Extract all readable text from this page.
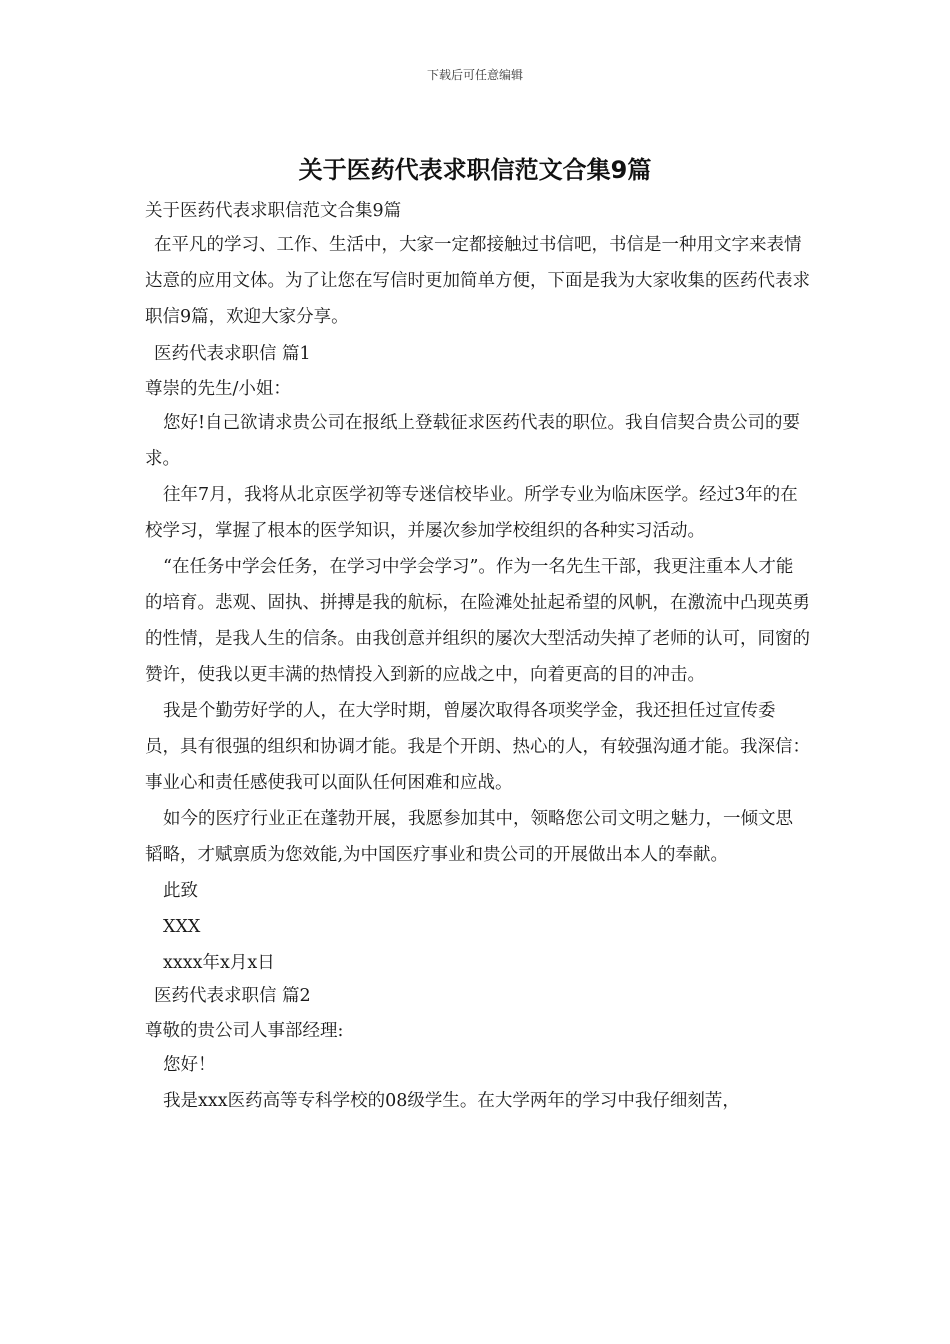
下载后可任意编辑
关于医药代表求职信范文合集9篇
关于医药代表求职信范文合集9篇

在平凡的学习、工作、生活中，大家一定都接触过书信吧，书信是一种用文字来表情达意的应用文体。为了让您在写信时更加简单方便，下面是我为大家收集的医药代表求职信9篇，欢迎大家分享。

医药代表求职信 篇1
尊崇的先生/小姐：

您好!自己欲请求贵公司在报纸上登载征求医药代表的职位。我自信契合贵公司的要求。

往年7月，我将从北京医学初等专迷信校毕业。所学专业为临床医学。经过3年的在校学习，掌握了根本的医学知识，并屡次参加学校组织的各种实习活动。

“在任务中学会任务，在学习中学会学习”。作为一名先生干部，我更注重本人才能的培育。悲观、固执、拼搏是我的航标，在险滩处扯起希望的风帆，在激流中凸现英勇的性情，是我人生的信条。由我创意并组织的屡次大型活动失掉了老师的认可，同窗的赞许，使我以更丰满的热情投入到新的应战之中，向着更高的目的冲击。

我是个勤劳好学的人，在大学时期，曾屡次取得各项奖学金，我还担任过宣传委员，具有很强的组织和协调才能。我是个开朗、热心的人，有较强沟通才能。我深信：事业心和责任感使我可以面队任何困难和应战。

如今的医疗行业正在蓬勃开展，我愿参加其中，领略您公司文明之魅力，一倾文思韬略，才赋禀质为您效能,为中国医疗事业和贵公司的开展做出本人的奉献。

此致

XXX

xxxx年x月x日

医药代表求职信 篇2
尊敬的贵公司人事部经理:

您好！

我是xxx医药高等专科学校的08级学生。在大学两年的学习中我仔细刻苦，
